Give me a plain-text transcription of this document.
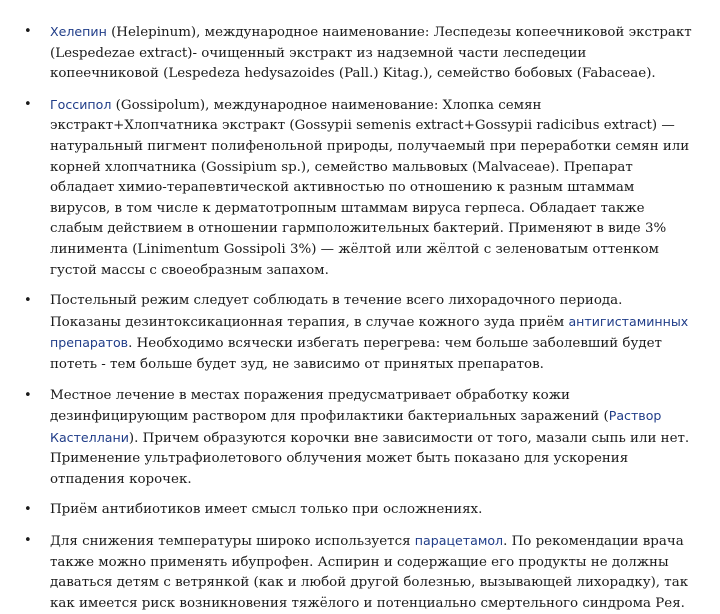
• Хелепин (Helepinum), международное наименование: Леспедезы копеечниковой экстракт (Lespedezae extract)- очищенный экстракт из надземной части леспедеции копеечниковой (Lespedeza hedysazoides (Pall.) Kitag.), семейство бобовых (Fabaceae).
• Госсипол (Gossipolum), международное наименование: Хлопка семян экстракт+Хлопчатника экстракт (Gossypii semenis extract+Gossypii radicibus extract) — натуральный пигмент полифенольной природы, получаемый при переработки семян или корней хлопчатника (Gossipium sp.), семейство мальвовых (Malvaceae). Препарат обладает химио-терапевтической активностью по отношению к разным штаммам вирусов, в том числе к дерматотропным штаммам вируса герпеса. Обладает также слабым действием в отношении гармположительных бактерий. Применяют в виде 3% линимента (Linimentum Gossipoli 3%) — жёлтой или жёлтой с зеленоватым оттенком густой массы с своеобразным запахом.
• Постельный режим следует соблюдать в течение всего лихорадочного периода. Показаны дезинтоксикационная терапия, в случае кожного зуда приём антигистаминных препаратов. Необходимо всячески избегать перегрева: чем больше заболевший будет потеть - тем больше будет зуд, не зависимо от принятых препаратов.
• Местное лечение в местах поражения предусматривает обработку кожи дезинфицирующим раствором для профилактики бактериальных заражений (Раствор Кастеллани). Причем образуются корочки вне зависимости от того, мазали сыпь или нет. Применение ультрафиолетового облучения может быть показано для ускорения отпадения корочек.
• Приём антибиотиков имеет смысл только при осложнениях.
• Для снижения температуры широко используется парацетамол. По рекомендации врача также можно применять ибупрофен. Аспирин и содержащие его продукты не должны даваться детям с ветрянкой (как и любой другой болезнью, вызывающей лихорадку), так как имеется риск возникновения тяжёлого и потенциально смертельного синдрома Рея.
